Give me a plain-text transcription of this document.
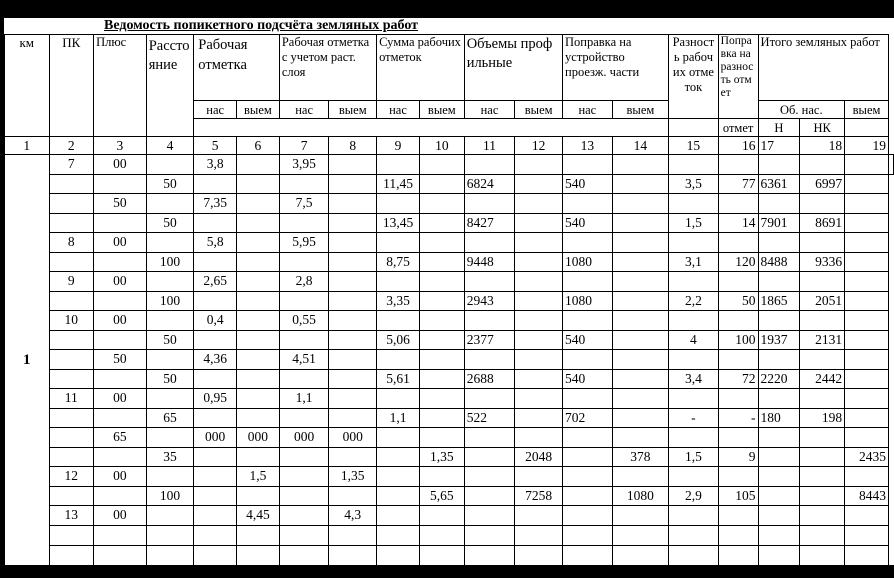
Ведомость попикетного подсчёта земляных работ
км	ПК	Плюс	Расстояние	Рабочая отметка		Рабочая отметка с учетом раст. слоя		Сумма рабочих отметок		Объемы профильные		Поправка на устройство проезж. части		Разность рабочих отметок	Поправка на разность отмет	Итого земляных работ			
				нас	выем	нас	выем	нас	выем	нас	выем	нас	выем			Об. нас.		выем	
															отмет	Н	НК		
1	2	3	4	5	6	7	8	9	10	11	12	13	14	15	16	17	18	19	
1	7	00		3,8		3,95													
			50					11,45		6824		540		3,5	77	6361	6997		
		50		7,35		7,5													
			50					13,45		8427		540		1,5	14	7901	8691		
	8	00		5,8		5,95													
			100					8,75		9448		1080		3,1	120	8488	9336		
	9	00		2,65		2,8													
			100					3,35		2943		1080		2,2	50	1865	2051		
	10	00		0,4		0,55													
			50					5,06		2377		540		4	100	1937	2131		
		50		4,36		4,51													
			50					5,61		2688		540		3,4	72	2220	2442		
	11	00		0,95		1,1													
			65					1,1		522		702		-	-	180	198		
		65		000	000	000	000												
			35						1,35		2048		378	1,5	9			2435	
	12	00			1,5		1,35												
			100						5,65		7258		1080	2,9	105			8443	
	13	00			4,45		4,3												
